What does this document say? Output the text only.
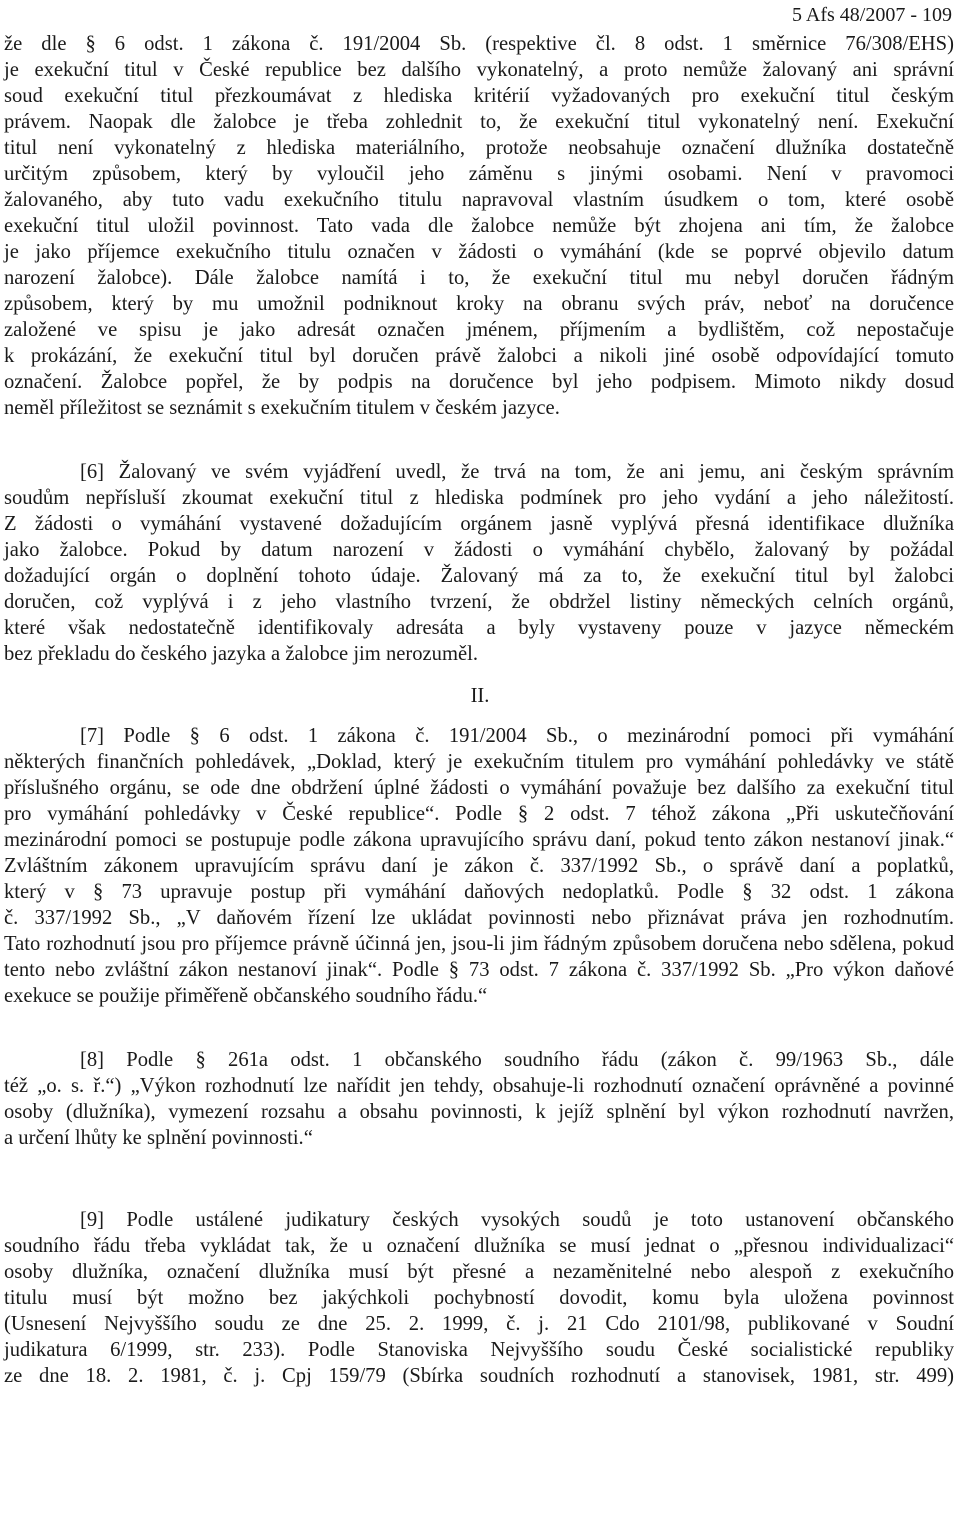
5 Afs 48/2007 - 109
že dle § 6 odst. 1 zákona č. 191/2004 Sb. (respektive čl. 8 odst. 1 směrnice 76/308/EHS)
je exekuční titul v České republice bez dalšího vykonatelný, a proto nemůže žalovaný ani správní
soud exekuční titul přezkoumávat z hlediska kritérií vyžadovaných pro exekuční titul českým
právem. Naopak dle žalobce je třeba zohlednit to, že exekuční titul vykonatelný není. Exekuční
titul není vykonatelný z hlediska materiálního, protože neobsahuje označení dlužníka dostatečně
určitým způsobem, který by vyloučil jeho záměnu s jinými osobami. Není v pravomoci
žalovaného, aby tuto vadu exekučního titulu napravoval vlastním úsudkem o tom, které osobě
exekuční titul uložil povinnost. Tato vada dle žalobce nemůže být zhojena ani tím, že žalobce
je jako příjemce exekučního titulu označen v žádosti o vymáhání (kde se poprvé objevilo datum
narození žalobce). Dále žalobce namítá i to, že exekuční titul mu nebyl doručen řádným
způsobem, který by mu umožnil podniknout kroky na obranu svých práv, neboť na doručence
založené ve spisu je jako adresát označen jménem, příjmením a bydlištěm, což nepostačuje
k prokázání, že exekuční titul byl doručen právě žalobci a nikoli jiné osobě odpovídající tomuto
označení. Žalobce popřel, že by podpis na doručence byl jeho podpisem. Mimoto nikdy dosud
neměl příležitost se seznámit s exekučním titulem v českém jazyce.
[6] Žalovaný ve svém vyjádření uvedl, že trvá na tom, že ani jemu, ani českým správním
soudům nepřísluší zkoumat exekuční titul z hlediska podmínek pro jeho vydání a jeho náležitostí.
Z žádosti o vymáhání vystavené dožadujícím orgánem jasně vyplývá přesná identifikace dlužníka
jako žalobce. Pokud by datum narození v žádosti o vymáhání chybělo, žalovaný by požádal
dožadující orgán o doplnění tohoto údaje. Žalovaný má za to, že exekuční titul byl žalobci
doručen, což vyplývá i z jeho vlastního tvrzení, že obdržel listiny německých celních orgánů,
které však nedostatečně identifikovaly adresáta a byly vystaveny pouze v jazyce německém
bez překladu do českého jazyka a žalobce jim nerozuměl.
II.
[7] Podle § 6 odst. 1 zákona č. 191/2004 Sb., o mezinárodní pomoci při vymáhání
některých finančních pohledávek, „Doklad, který je exekučním titulem pro vymáhání pohledávky ve státě
příslušného orgánu, se ode dne obdržení úplné žádosti o vymáhání považuje bez dalšího za exekuční titul
pro vymáhání pohledávky v České republice“. Podle § 2 odst. 7 téhož zákona „Při uskutečňování
mezinárodní pomoci se postupuje podle zákona upravujícího správu daní, pokud tento zákon nestanoví jinak.“
Zvláštním zákonem upravujícím správu daní je zákon č. 337/1992 Sb., o správě daní a poplatků,
který v § 73 upravuje postup při vymáhání daňových nedoplatků. Podle § 32 odst. 1 zákona
č. 337/1992 Sb., „V daňovém řízení lze ukládat povinnosti nebo přiznávat práva jen rozhodnutím.
Tato rozhodnutí jsou pro příjemce právně účinná jen, jsou-li jim řádným způsobem doručena nebo sdělena, pokud
tento nebo zvláštní zákon nestanoví jinak“. Podle § 73 odst. 7 zákona č. 337/1992 Sb. „Pro výkon daňové
exekuce se použije přiměřeně občanského soudního řádu.“
[8] Podle § 261a odst. 1 občanského soudního řádu (zákon č. 99/1963 Sb., dále
též „o. s. ř.“) „Výkon rozhodnutí lze nařídit jen tehdy, obsahuje-li rozhodnutí označení oprávněné a povinné
osoby (dlužníka), vymezení rozsahu a obsahu povinnosti, k jejíž splnění byl výkon rozhodnutí navržen,
a určení lhůty ke splnění povinnosti.“
[9] Podle ustálené judikatury českých vysokých soudů je toto ustanovení občanského
soudního řádu třeba vykládat tak, že u označení dlužníka se musí jednat o „přesnou individualizaci“
osoby dlužníka, označení dlužníka musí být přesné a nezaměnitelné nebo alespoň z exekučního
titulu musí být možno bez jakýchkoli pochybností dovodit, komu byla uložena povinnost
(Usnesení Nejvyššího soudu ze dne 25. 2. 1999, č. j. 21 Cdo 2101/98, publikované v Soudní
judikatura 6/1999, str. 233). Podle Stanoviska Nejvyššího soudu České socialistické republiky
ze dne 18. 2. 1981, č. j. Cpj 159/79 (Sbírka soudních rozhodnutí a stanovisek, 1981, str. 499)
